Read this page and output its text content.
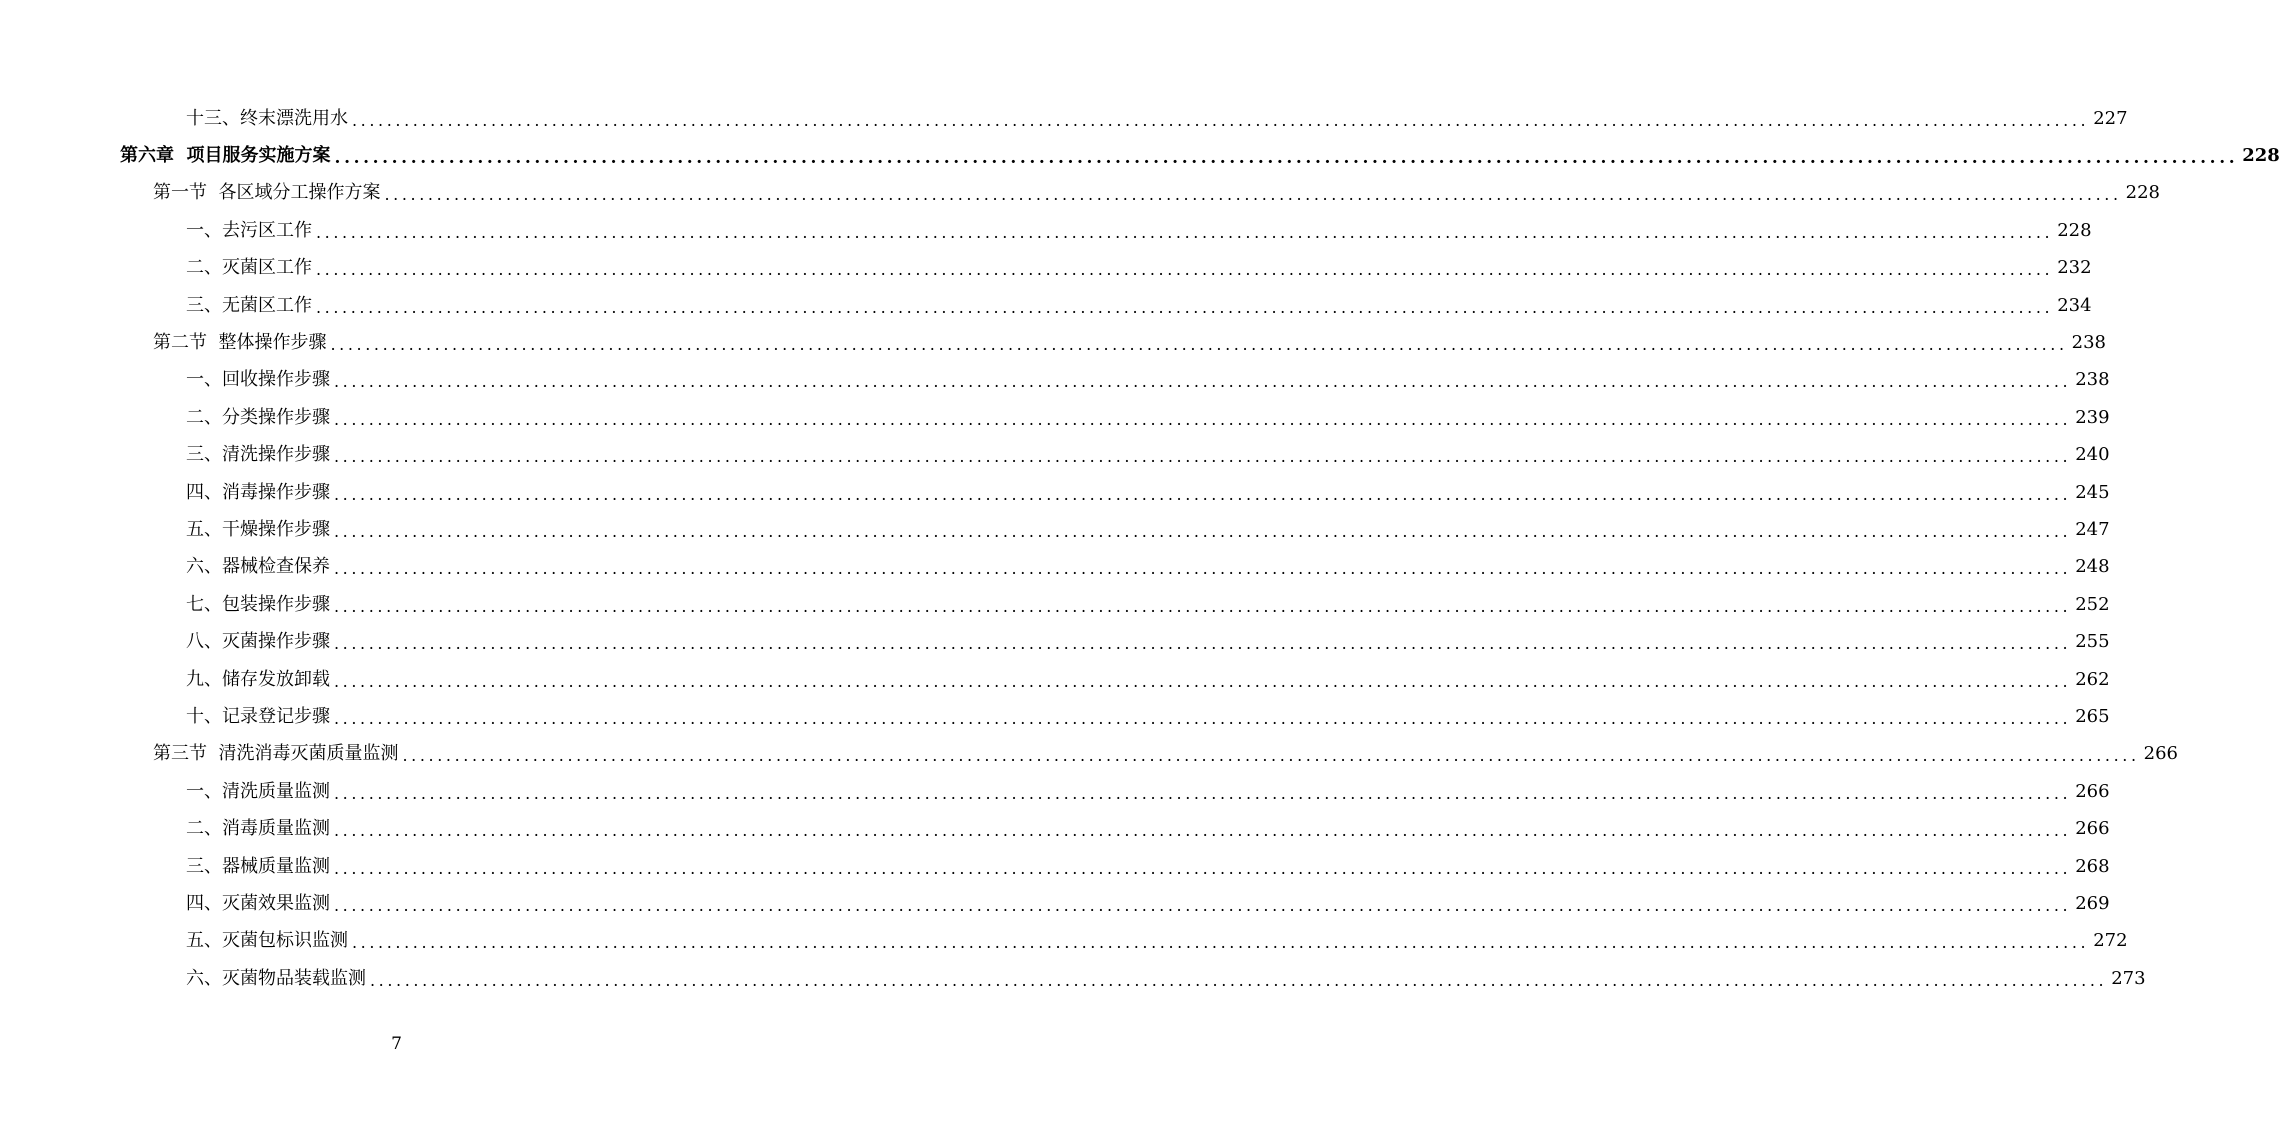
十三、终末漂洗用水 ........................................................................................................................................................................................................ 227
第六章  项目服务实施方案 ........................................................................................................................................................................................................ 228
第一节  各区域分工操作方案 ........................................................................................................................................................................................................ 228
一、去污区工作 ........................................................................................................................................................................................................ 228
二、灭菌区工作 ........................................................................................................................................................................................................ 232
三、无菌区工作 ........................................................................................................................................................................................................ 234
第二节  整体操作步骤 ........................................................................................................................................................................................................ 238
一、回收操作步骤 ........................................................................................................................................................................................................ 238
二、分类操作步骤 ........................................................................................................................................................................................................ 239
三、清洗操作步骤 ........................................................................................................................................................................................................ 240
四、消毒操作步骤 ........................................................................................................................................................................................................ 245
五、干燥操作步骤 ........................................................................................................................................................................................................ 247
六、器械检查保养 ........................................................................................................................................................................................................ 248
七、包装操作步骤 ........................................................................................................................................................................................................ 252
八、灭菌操作步骤 ........................................................................................................................................................................................................ 255
九、储存发放卸载 ........................................................................................................................................................................................................ 262
十、记录登记步骤 ........................................................................................................................................................................................................ 265
第三节  清洗消毒灭菌质量监测 ........................................................................................................................................................................................................ 266
一、清洗质量监测 ........................................................................................................................................................................................................ 266
二、消毒质量监测 ........................................................................................................................................................................................................ 266
三、器械质量监测 ........................................................................................................................................................................................................ 268
四、灭菌效果监测 ........................................................................................................................................................................................................ 269
五、灭菌包标识监测 ........................................................................................................................................................................................................ 272
六、灭菌物品装载监测 ........................................................................................................................................................................................................ 273
7
